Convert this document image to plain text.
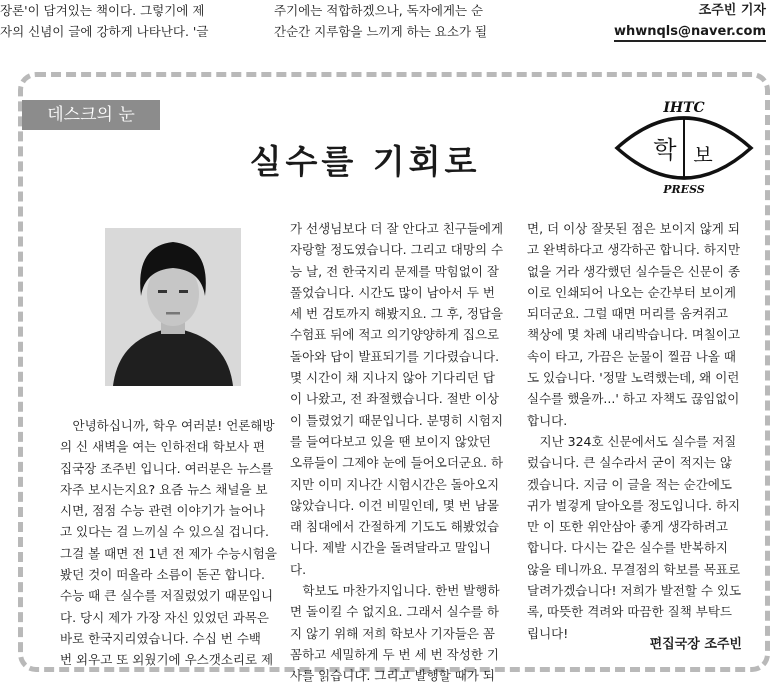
장론'이 담겨있는 책이다. 그렇기에 제
자의 신념이 글에 강하게 나타난다. '글
주기에는 적합하겠으나, 독자에게는 순
간순간 지루함을 느끼게 하는 요소가 될
조주빈 기자
whwnqls@naver.com
데스크의 눈
실수를 기회로
IHTC
학 보
PRESS

안녕하십니까, 학우 여러분! 언론해방

의 신 새벽을 여는 인하전대 학보사 편

집국장 조주빈 입니다. 여러분은 뉴스를

자주 보시는지요? 요즘 뉴스 채널을 보

시면, 점점 수능 관련 이야기가 늘어나

고 있다는 걸 느끼실 수 있으실 겁니다.

그걸 볼 때면 전 1년 전 제가 수능시험을

봤던 것이 떠올라 소름이 돋곤 합니다.

수능 때 큰 실수를 저질렀었기 때문입니

다. 당시 제가 가장 자신 있었던 과목은

바로 한국지리였습니다. 수십 번 수백

번 외우고 또 외웠기에 우스갯소리로 제

가 선생님보다 더 잘 안다고 친구들에게

자랑할 정도였습니다. 그리고 대망의 수

능 날, 전 한국지리 문제를 막힘없이 잘

풀었습니다. 시간도 많이 남아서 두 번

세 번 검토까지 해봤지요. 그 후, 정답을

수험표 뒤에 적고 의기양양하게 집으로

돌아와 답이 발표되기를 기다렸습니다.

몇 시간이 채 지나지 않아 기다리던 답

이 나왔고, 전 좌절했습니다. 절반 이상

이 틀렸었기 때문입니다. 분명히 시험지

를 들여다보고 있을 땐 보이지 않았던

오류들이 그제야 눈에 들어오더군요. 하

지만 이미 지나간 시험시간은 돌아오지

않았습니다. 이건 비밀인데, 몇 번 남몰

래 침대에서 간절하게 기도도 해봤었습

니다. 제발 시간을 돌려달라고 말입니

다.

학보도 마찬가지입니다. 한번 발행하

면 돌이킬 수 없지요. 그래서 실수를 하

지 않기 위해 저희 학보사 기자들은 꼼

꼼하고 세밀하게 두 번 세 번 작성한 기

사를 읽습니다. 그리고 발행할 때가 되

면, 더 이상 잘못된 점은 보이지 않게 되

고 완벽하다고 생각하곤 합니다. 하지만

없을 거라 생각했던 실수들은 신문이 종

이로 인쇄되어 나오는 순간부터 보이게

되더군요. 그럴 때면 머리를 움켜쥐고

책상에 몇 차례 내리박습니다. 며칠이고

속이 타고, 가끔은 눈물이 찔끔 나올 때

도 있습니다. '정말 노력했는데, 왜 이런

실수를 했을까...' 하고 자책도 끊임없이

합니다.

지난 324호 신문에서도 실수를 저질

렀습니다. 큰 실수라서 굳이 적지는 않

겠습니다. 지금 이 글을 적는 순간에도

귀가 벌겋게 달아오를 정도입니다. 하지

만 이 또한 위안삼아 좋게 생각하려고

합니다. 다시는 같은 실수를 반복하지

않을 테니까요. 무결점의 학보를 목표로

달려가겠습니다! 저희가 발전할 수 있도

록, 따뜻한 격려와 따끔한 질책 부탁드

립니다!

편집국장 조주빈
